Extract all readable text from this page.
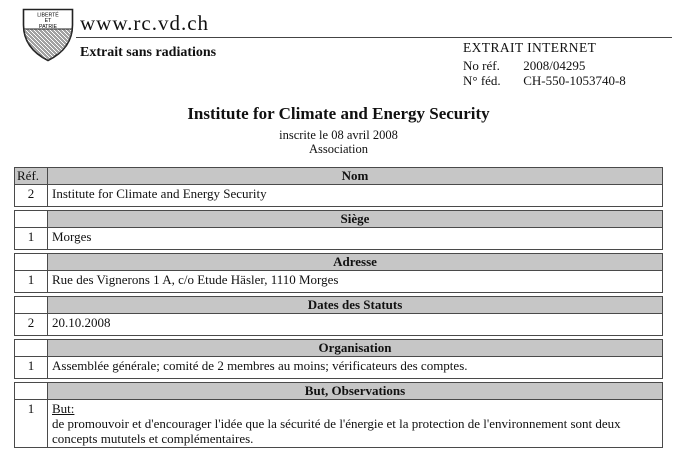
LIBERTÉ
ET
PATRIE www.rc.vd.ch
Extrait sans radiations	EXTRAIT INTERNET
No réf. 2008/04295
N° féd. CH-550-1053740-8
Institute for Climate and Energy Security
inscrite le 08 avril 2008
Association
Réf.	Nom
2	Institute for Climate and Energy Security
	Siège
1	Morges
	Adresse
1	Rue des Vignerons 1 A, c/o Etude Häsler, 1110 Morges
	Dates des Statuts
2	20.10.2008
	Organisation
1	Assemblée générale; comité de 2 membres au moins; vérificateurs des comptes.
	But, Observations
1	But:
de promouvoir et d'encourager l'idée que la sécurité de l'énergie et la protection de l'environnement sont deux concepts mututels et complémentaires.
